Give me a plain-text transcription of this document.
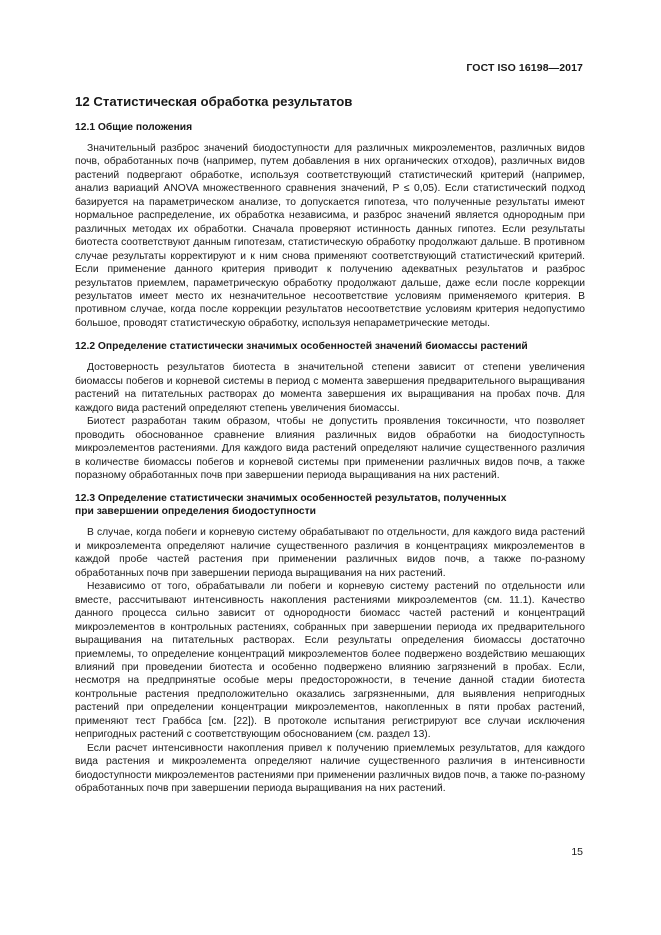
ГОСТ ISO 16198—2017
12 Статистическая обработка результатов
12.1 Общие положения

Значительный разброс значений биодоступности для различных микроэлементов, различных видов почв, обработанных почв (например, путем добавления в них органических отходов), различных видов растений подвергают обработке, используя соответствующий статистический критерий (например, анализ вариаций ANOVA множественного сравнения значений, P ≤ 0,05). Если статистический подход базируется на параметрическом анализе, то допускается гипотеза, что полученные результаты имеют нормальное распределение, их обработка независима, и разброс значений является однородным при различных методах их обработки. Сначала проверяют истинность данных гипотез. Если результаты биотеста соответствуют данным гипотезам, статистическую обработку продолжают дальше. В противном случае результаты корректируют и к ним снова применяют соответствующий статистический критерий. Если применение данного критерия приводит к получению адекватных результатов и разброс результатов приемлем, параметрическую обработку продолжают дальше, даже если после коррекции результатов имеет место их незначительное несоответствие условиям применяемого критерия. В противном случае, когда после коррекции результатов несоответствие условиям критерия недопустимо большое, проводят статистическую обработку, используя непараметрические методы.

12.2 Определение статистически значимых особенностей значений биомассы растений

Достоверность результатов биотеста в значительной степени зависит от степени увеличения биомассы побегов и корневой системы в период с момента завершения предварительного выращивания растений на питательных растворах до момента завершения их выращивания на пробах почв. Для каждого вида растений определяют степень увеличения биомассы.

Биотест разработан таким образом, чтобы не допустить проявления токсичности, что позволяет проводить обоснованное сравнение влияния различных видов обработки на биодоступность микроэлементов растениями. Для каждого вида растений определяют наличие существенного различия в количестве биомассы побегов и корневой системы при применении различных видов почв, а также поразному обработанных почв при завершении периода выращивания на них растений.

12.3 Определение статистически значимых особенностей результатов, полученных

при завершении определения биодоступности

В случае, когда побеги и корневую систему обрабатывают по отдельности, для каждого вида растений и микроэлемента определяют наличие существенного различия в концентрациях микроэлементов в каждой пробе частей растения при применении различных видов почв, а также по-разному обработанных почв при завершении периода выращивания на них растений.

Независимо от того, обрабатывали ли побеги и корневую систему растений по отдельности или вместе, рассчитывают интенсивность накопления растениями микроэлементов (см. 11.1). Качество данного процесса сильно зависит от однородности биомасс частей растений и концентраций микроэлементов в контрольных растениях, собранных при завершении периода их предварительного выращивания на питательных растворах. Если результаты определения биомассы достаточно приемлемы, то определение концентраций микроэлементов более подвержено воздействию мешающих влияний при проведении биотеста и особенно подвержено влиянию загрязнений в пробах. Если, несмотря на предпринятые особые меры предосторожности, в течение данной стадии биотеста контрольные растения предположительно оказались загрязненными, для выявления непригодных растений при определении концентрации микроэлементов, накопленных в пяти пробах растений, применяют тест Граббса [см. [22]). В протоколе испытания регистрируют все случаи исключения непригодных растений с соответствующим обоснованием (см. раздел 13).

Если расчет интенсивности накопления привел к получению приемлемых результатов, для каждого вида растения и микроэлемента определяют наличие существенного различия в интенсивности биодоступности микроэлементов растениями при применении различных видов почв, а также по-разному обработанных почв при завершении периода выращивания на них растений.

15
